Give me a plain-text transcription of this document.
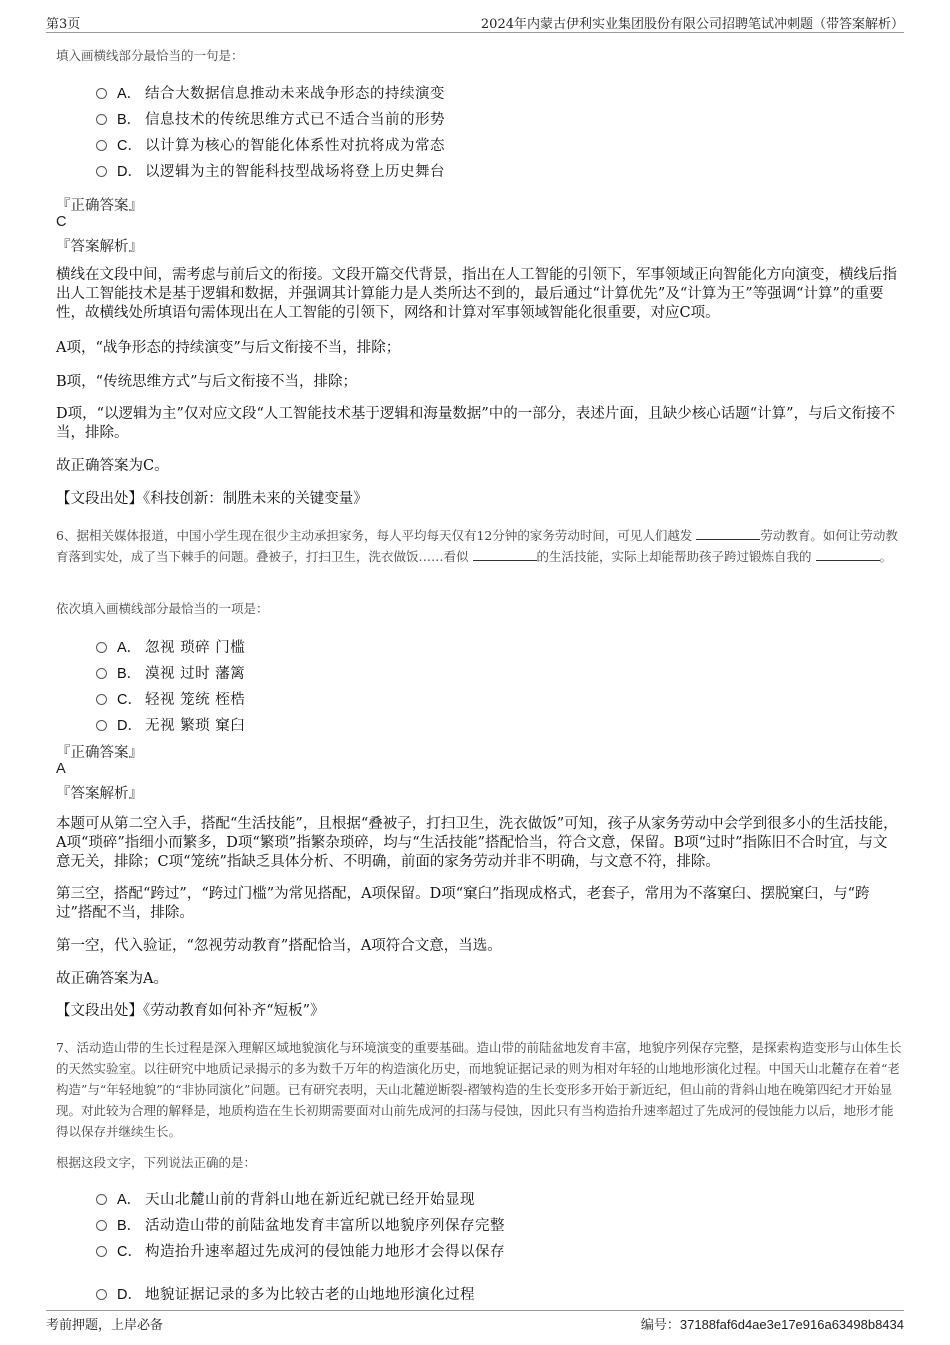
第3页	2024年内蒙古伊利实业集团股份有限公司招聘笔试冲刺题（带答案解析）
填入画横线部分最恰当的一句是：
A． 结合大数据信息推动未来战争形态的持续演变
B． 信息技术的传统思维方式已不适合当前的形势
C． 以计算为核心的智能化体系性对抗将成为常态
D． 以逻辑为主的智能科技型战场将登上历史舞台
『正确答案』
C
『答案解析』
横线在文段中间，需考虑与前后文的衔接。文段开篇交代背景，指出在人工智能的引领下，军事领域正向智能化方向演变，横线后指出人工智能技术是基于逻辑和数据，并强调其计算能力是人类所达不到的，最后通过“计算优先”及“计算为王”等强调“计算”的重要性，故横线处所填语句需体现出在人工智能的引领下，网络和计算对军事领域智能化很重要，对应C项。
A项，“战争形态的持续演变”与后文衔接不当，排除；
B项，“传统思维方式”与后文衔接不当，排除；
D项，“以逻辑为主”仅对应文段“人工智能技术基于逻辑和海量数据”中的一部分，表述片面，且缺少核心话题“计算”，与后文衔接不当，排除。
故正确答案为C。
【文段出处】《科技创新：制胜未来的关键变量》
6、据相关媒体报道，中国小学生现在很少主动承担家务，每人平均每天仅有12分钟的家务劳动时间，可见人们越发	劳动教育。如何让劳动教育落到实处，成了当下棘手的问题。叠被子，打扫卫生，洗衣做饭……看似	的生活技能，实际上却能帮助孩子跨过锻炼自我的	。
依次填入画横线部分最恰当的一项是：
A． 忽视 琐碎 门槛
B． 漠视 过时 藩篱
C． 轻视 笼统 桎梏
D． 无视 繁琐 窠臼
『正确答案』
A
『答案解析』
本题可从第二空入手，搭配“生活技能”，且根据“叠被子，打扫卫生，洗衣做饭”可知，孩子从家务劳动中会学到很多小的生活技能，A项“琐碎”指细小而繁多，D项“繁琐”指繁杂琐碎，均与“生活技能”搭配恰当，符合文意，保留。B项“过时”指陈旧不合时宜，与文意无关，排除；C项“笼统”指缺乏具体分析、不明确，前面的家务劳动并非不明确，与文意不符，排除。
第三空，搭配“跨过”，“跨过门槛”为常见搭配，A项保留。D项“窠臼”指现成格式，老套子，常用为不落窠臼、摆脱窠臼，与“跨过”搭配不当，排除。
第一空，代入验证，“忽视劳动教育”搭配恰当，A项符合文意，当选。
故正确答案为A。
【文段出处】《劳动教育如何补齐“短板”》
7、活动造山带的生长过程是深入理解区域地貌演化与环境演变的重要基础。造山带的前陆盆地发育丰富，地貌序列保存完整，是探索构造变形与山体生长的天然实验室。以往研究中地质记录揭示的多为数千万年的构造演化历史，而地貌证据记录的则为相对年轻的山地地形演化过程。中国天山北麓存在着“老构造”与“年轻地貌”的“非协同演化”问题。已有研究表明，天山北麓逆断裂-褶皱构造的生长变形多开始于新近纪，但山前的背斜山地在晚第四纪才开始显现。对此较为合理的解释是，地质构造在生长初期需要面对山前先成河的扫荡与侵蚀，因此只有当构造抬升速率超过了先成河的侵蚀能力以后，地形才能得以保存并继续生长。
根据这段文字，下列说法正确的是：
A． 天山北麓山前的背斜山地在新近纪就已经开始显现
B． 活动造山带的前陆盆地发育丰富所以地貌序列保存完整
C． 构造抬升速率超过先成河的侵蚀能力地形才会得以保存
D． 地貌证据记录的多为比较古老的山地地形演化过程
考前押题，上岸必备	编号：37188faf6d4ae3e17e916a63498b8434
